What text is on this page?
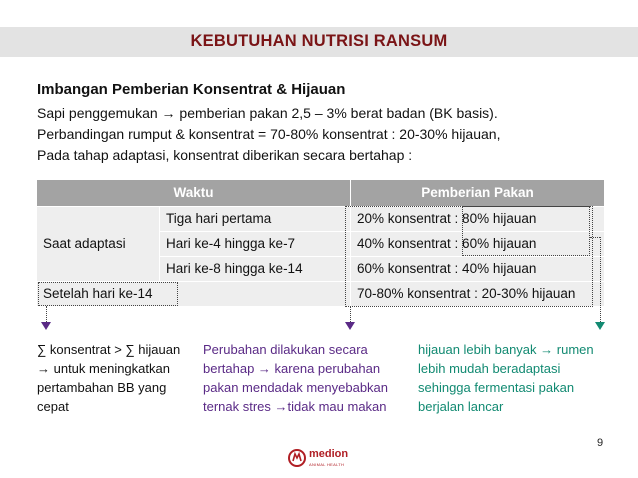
KEBUTUHAN NUTRISI RANSUM
Imbangan Pemberian Konsentrat & Hijauan
Sapi penggemukan → pemberian pakan 2,5 – 3% berat badan (BK basis).
Perbandingan rumput & konsentrat = 70-80% konsentrat : 20-30% hijauan,
Pada tahap adaptasi, konsentrat diberikan secara bertahap :
Waktu		Pemberian Pakan
Saat adaptasi	Tiga hari pertama	20% konsentrat : 80% hijauan
	Hari ke-4 hingga ke-7	40% konsentrat : 60% hijauan
	Hari ke-8 hingga ke-14	60% konsentrat : 40% hijauan
Setelah hari ke-14		70-80% konsentrat : 20-30% hijauan
∑ konsentrat > ∑ hijauan
→ untuk meningkatkan
pertambahan BB yang
cepat
Perubahan dilakukan secara
bertahap → karena perubahan
pakan mendadak menyebabkan
ternak stres →tidak mau makan
hijauan lebih banyak → rumen
lebih mudah beradaptasi
sehingga fermentasi pakan
berjalan lancar
9
medion
ANIMAL HEALTH
